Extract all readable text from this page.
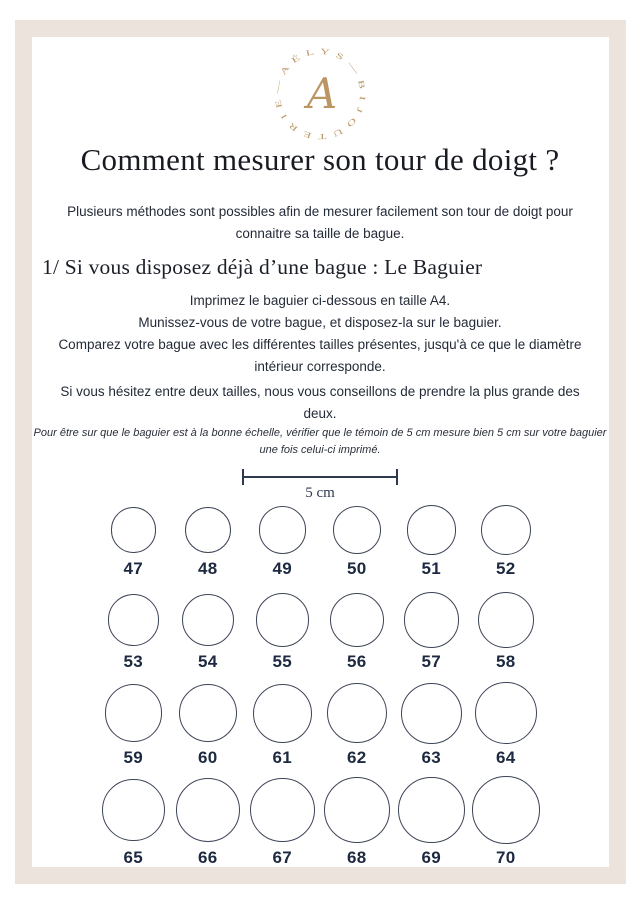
— A É L Y S — B I J O U T E R I E A
Comment mesurer son tour de doigt ?

Plusieurs méthodes sont possibles afin de mesurer facilement son tour de doigt pour connaitre sa taille de bague.

1/ Si vous disposez déjà d’une bague : Le Baguier

Imprimez le baguier ci-dessous en taille A4.

Munissez-vous de votre bague, et disposez-la sur le baguier.

Comparez votre bague avec les différentes tailles présentes, jusqu'à ce que le diamètre intérieur corresponde.

Si vous hésitez entre deux tailles, nous vous conseillons de prendre la plus grande des deux.

Pour être sur que le baguier est à la bonne échelle, vérifier que le témoin de 5 cm mesure bien 5 cm sur votre baguier une fois celui-ci imprimé.

5 cm
47	48	49	50	51	52
53	54	55	56	57	58
59	60	61	62	63	64
65	66	67	68	69	70
